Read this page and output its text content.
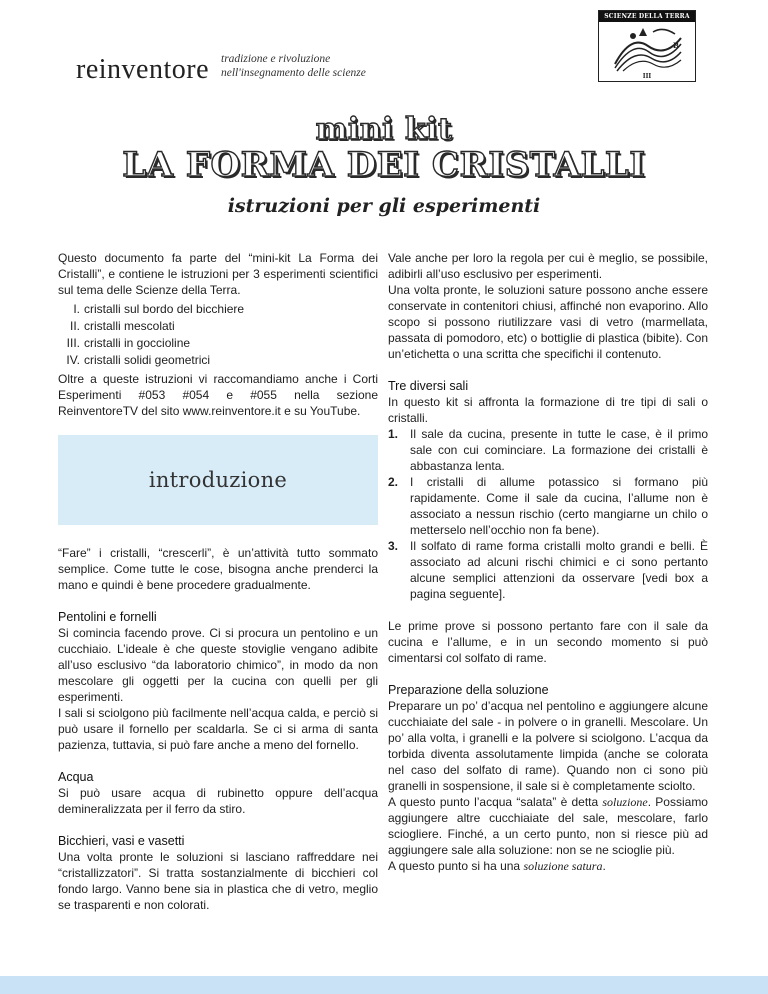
reinventore tradizione e rivoluzione
nell'insegnamento delle scienze
SCIENZE DELLA TERRA
B
III
mini kit
LA FORMA DEI CRISTALLI
istruzioni per gli esperimenti

Questo documento fa parte del “mini-kit La Forma dei Cristalli”, e contiene le istruzioni per 3 esperimenti scientifici sul tema delle Scienze della Terra.

I. cristalli sul bordo del bicchiere
II. cristalli mescolati
III. cristalli in goccioline
IV. cristalli solidi geometrici

Oltre a queste istruzioni vi raccomandiamo anche i Corti Esperimenti #053 #054 e #055 nella sezione ReinventoreTV del sito www.reinventore.it e su YouTube.

introduzione

“Fare” i cristalli, “crescerli”, è un’attività tutto sommato semplice. Come tutte le cose, bisogna anche prenderci la mano e quindi è bene procedere gradualmente.

Pentolini e fornelli

Si comincia facendo prove. Ci si procura un pentolino e un cucchiaio. L’ideale è che queste stoviglie vengano adibite all’uso esclusivo “da laboratorio chimico”, in modo da non mescolare gli oggetti per la cucina con quelli per gli esperimenti.

I sali si sciolgono più facilmente nell’acqua calda, e perciò si può usare il fornello per scaldarla. Se ci si arma di santa pazienza, tuttavia, si può fare anche a meno del fornello.

Acqua

Si può usare acqua di rubinetto oppure dell’acqua demineralizzata per il ferro da stiro.

Bicchieri, vasi e vasetti

Una volta pronte le soluzioni si lasciano raffreddare nei “cristallizzatori”. Si tratta sostanzialmente di bicchieri col fondo largo. Vanno bene sia in plastica che di vetro, meglio se trasparenti e non colorati.

Vale anche per loro la regola per cui è meglio, se possibile, adibirli all’uso esclusivo per esperimenti.

Una volta pronte, le soluzioni sature possono anche essere conservate in contenitori chiusi, affinché non evaporino. Allo scopo si possono riutilizzare vasi di vetro (marmellata, passata di pomodoro, etc) o bottiglie di plastica (bibite). Con un’etichetta o una scritta che specifichi il contenuto.

Tre diversi sali

In questo kit si affronta la formazione di tre tipi di sali o cristalli.

1. Il sale da cucina, presente in tutte le case, è il primo sale con cui cominciare. La formazione dei cristalli è abbastanza lenta.
2. I cristalli di allume potassico si formano più rapidamente. Come il sale da cucina, l’allume non è associato a nessun rischio (certo mangiarne un chilo o metterselo nell’occhio non fa bene).
3. Il solfato di rame forma cristalli molto grandi e belli. È associato ad alcuni rischi chimici e ci sono pertanto alcune semplici attenzioni da osservare [vedi box a pagina seguente].

Le prime prove si possono pertanto fare con il sale da cucina e l’allume, e in un secondo momento si può cimentarsi col solfato di rame.

Preparazione della soluzione

Preparare un po’ d’acqua nel pentolino e aggiungere alcune cucchiaiate del sale - in polvere o in granelli. Mescolare. Un po’ alla volta, i granelli e la polvere si sciolgono. L’acqua da torbida diventa assolutamente limpida (anche se colorata nel caso del solfato di rame). Quando non ci sono più granelli in sospensione, il sale si è completamente sciolto.

A questo punto l’acqua “salata” è detta soluzione. Possiamo aggiungere altre cucchiaiate del sale, mescolare, farlo sciogliere. Finché, a un certo punto, non si riesce più ad aggiungere sale alla soluzione: non se ne scioglie più.

A questo punto si ha una soluzione satura.
